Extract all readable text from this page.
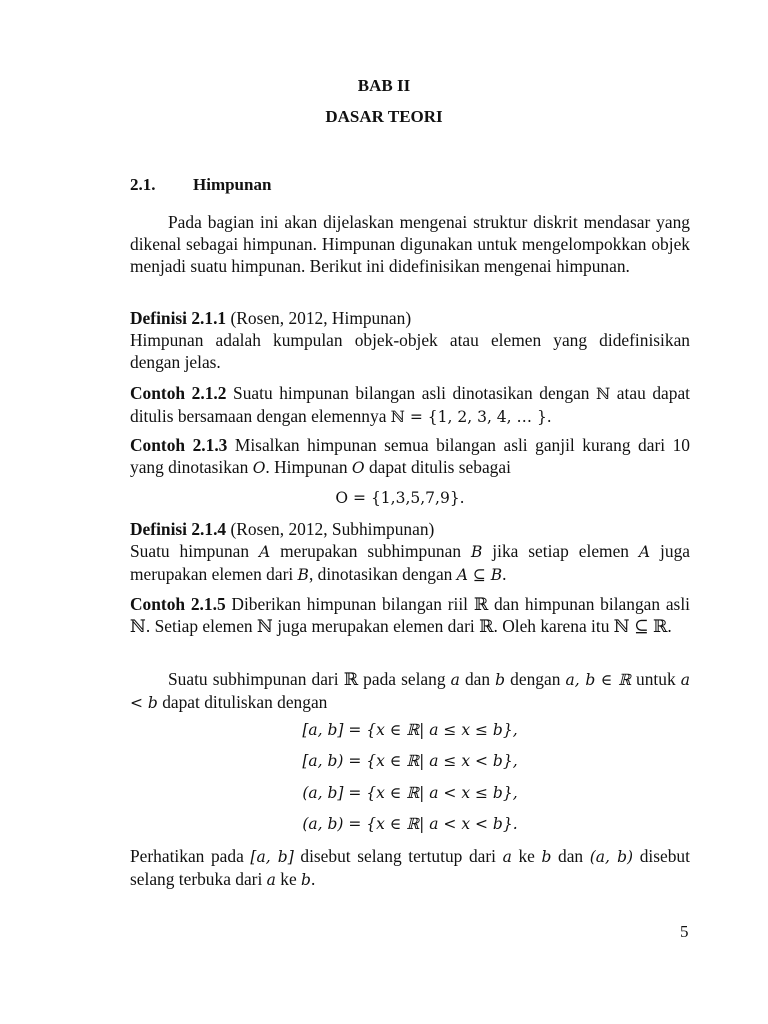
BAB II

DASAR TEORI

2.1. Himpunan

Pada bagian ini akan dijelaskan mengenai struktur diskrit mendasar yang dikenal sebagai himpunan. Himpunan digunakan untuk mengelompokkan objek menjadi suatu himpunan. Berikut ini didefinisikan mengenai himpunan.

Definisi 2.1.1 (Rosen, 2012, Himpunan)
Himpunan adalah kumpulan objek-objek atau elemen yang didefinisikan dengan jelas.

Contoh 2.1.2 Suatu himpunan bilangan asli dinotasikan dengan ℕ atau dapat ditulis bersamaan dengan elemennya ℕ = {1, 2, 3, 4, … }.

Contoh 2.1.3 Misalkan himpunan semua bilangan asli ganjil kurang dari 10 yang dinotasikan O. Himpunan O dapat ditulis sebagai

O = {1,3,5,7,9}.

Definisi 2.1.4 (Rosen, 2012, Subhimpunan)
Suatu himpunan A merupakan subhimpunan B jika setiap elemen A juga merupakan elemen dari B, dinotasikan dengan A ⊆ B.

Contoh 2.1.5 Diberikan himpunan bilangan riil ℝ dan himpunan bilangan asli ℕ. Setiap elemen ℕ juga merupakan elemen dari ℝ. Oleh karena itu ℕ ⊆ ℝ.

Suatu subhimpunan dari ℝ pada selang a dan b dengan a, b ∈ ℝ untuk a < b dapat dituliskan dengan

[a, b] = {x ∈ ℝ| a ≤ x ≤ b},

[a, b) = {x ∈ ℝ| a ≤ x < b},

(a, b] = {x ∈ ℝ| a < x ≤ b},

(a, b) = {x ∈ ℝ| a < x < b}.

Perhatikan pada [a, b] disebut selang tertutup dari a ke b dan (a, b) disebut selang terbuka dari a ke b.

5
